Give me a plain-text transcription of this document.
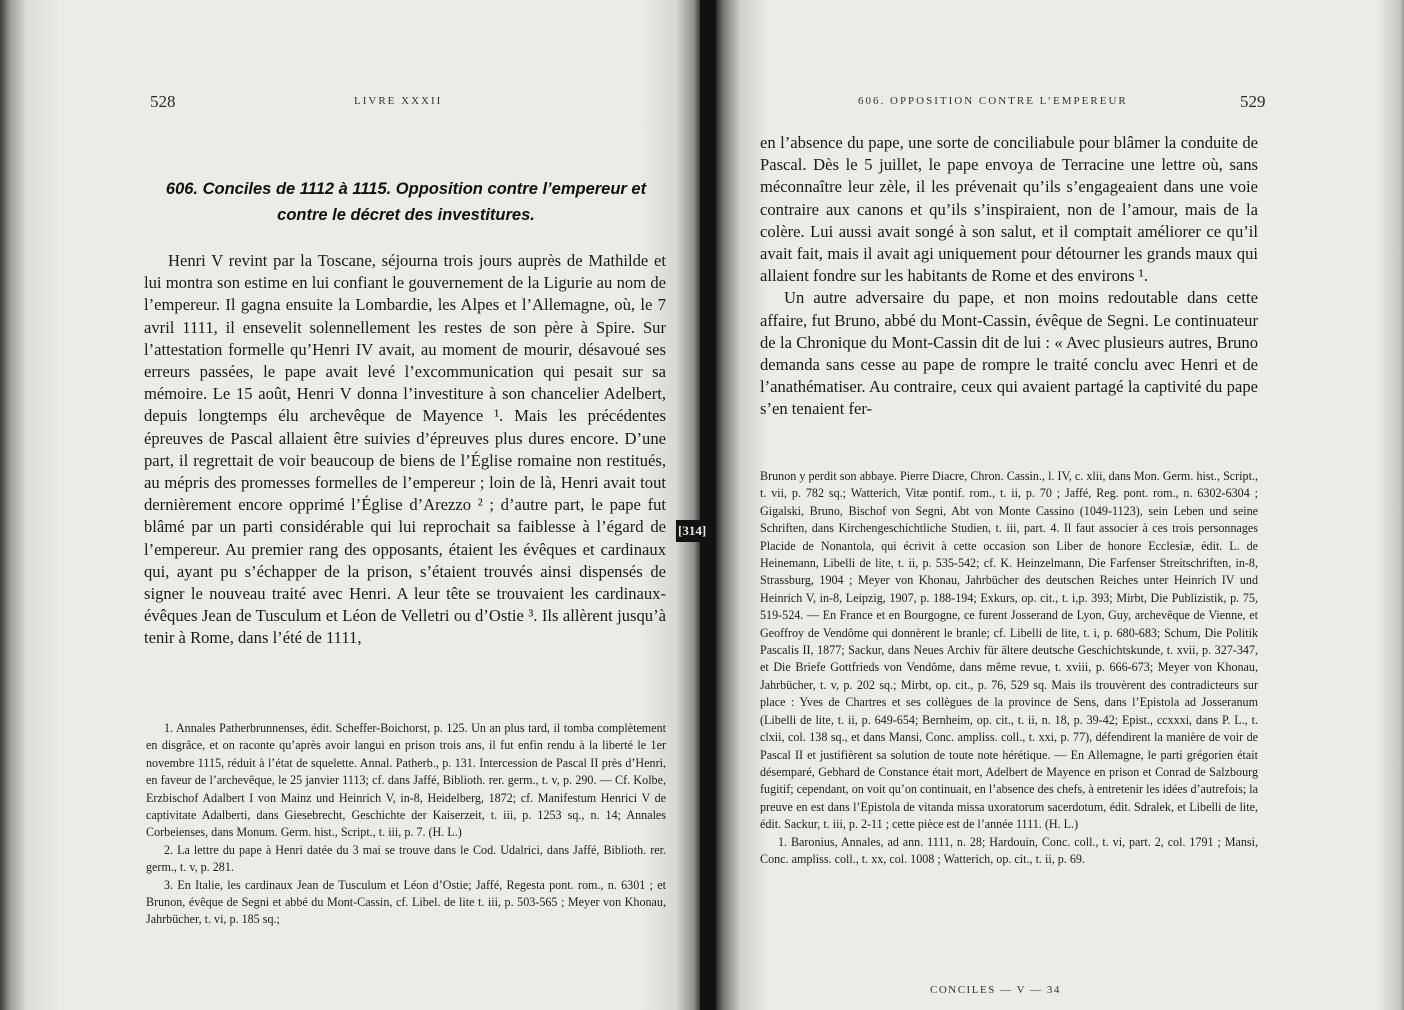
528	LIVRE XXXII
606. Conciles de 1112 à 1115. Opposition contre l’empereur et contre le décret des investitures.

Henri V revint par la Toscane, séjourna trois jours auprès de Mathilde et lui montra son estime en lui confiant le gouvernement de la Ligurie au nom de l’empereur. Il gagna ensuite la Lombardie, les Alpes et l’Allemagne, où, le 7 avril 1111, il ensevelit solennellement les restes de son père à Spire. Sur l’attestation formelle qu’Henri IV avait, au moment de mourir, désavoué ses erreurs passées, le pape avait levé l’excommunication qui pesait sur sa mémoire. Le 15 août, Henri V donna l’investiture à son chancelier Adelbert, depuis longtemps élu archevêque de Mayence ¹. Mais les précédentes épreuves de Pascal allaient être suivies d’épreuves plus dures encore. D’une part, il regrettait de voir beaucoup de biens de l’Église romaine non restitués, au mépris des promesses formelles de l’empereur ; loin de là, Henri avait tout dernièrement encore opprimé l’Église d’Arezzo ² ; d’autre part, le pape fut blâmé par un parti considérable qui lui reprochait sa faiblesse à l’égard de l’empereur. Au premier rang des opposants, étaient les évêques et cardinaux qui, ayant pu s’échapper de la prison, s’étaient trouvés ainsi dispensés de signer le nouveau traité avec Henri. A leur tête se trouvaient les cardinaux-évêques Jean de Tusculum et Léon de Velletri ou d’Ostie ³. Ils allèrent jusqu’à tenir à Rome, dans l’été de 1111,

1. Annales Patherbrunnenses, édit. Scheffer-Boichorst, p. 125. Un an plus tard, il tomba complètement en disgrâce, et on raconte qu’après avoir langui en prison trois ans, il fut enfin rendu à la liberté le 1er novembre 1115, réduit à l’état de squelette. Annal. Patherb., p. 131. Intercession de Pascal II près d’Henri, en faveur de l’archevêque, le 25 janvier 1113; cf. dans Jaffé, Biblioth. rer. germ., t. v, p. 290. — Cf. Kolbe, Erzbischof Adalbert I von Mainz und Heinrich V, in-8, Heidelberg, 1872; cf. Manifestum Henrici V de captivitate Adalberti, dans Giesebrecht, Geschichte der Kaiserzeit, t. iii, p. 1253 sq., n. 14; Annales Corbeienses, dans Monum. Germ. hist., Script., t. iii, p. 7. (H. L.)

2. La lettre du pape à Henri datée du 3 mai se trouve dans le Cod. Udalrici, dans Jaffé, Biblioth. rer. germ., t. v, p. 281.

3. En Italie, les cardinaux Jean de Tusculum et Léon d’Ostie; Jaffé, Regesta pont. rom., n. 6301 ; et Brunon, évêque de Segni et abbé du Mont-Cassin, cf. Libel. de lite t. iii, p. 503-565 ; Meyer von Khonau, Jahrbücher, t. vi, p. 185 sq.;

[314]
606. OPPOSITION CONTRE L’EMPEREUR	529

en l’absence du pape, une sorte de conciliabule pour blâmer la conduite de Pascal. Dès le 5 juillet, le pape envoya de Terracine une lettre où, sans méconnaître leur zèle, il les prévenait qu’ils s’engageaient dans une voie contraire aux canons et qu’ils s’inspiraient, non de l’amour, mais de la colère. Lui aussi avait songé à son salut, et il comptait améliorer ce qu’il avait fait, mais il avait agi uniquement pour détourner les grands maux qui allaient fondre sur les habitants de Rome et des environs ¹.

Un autre adversaire du pape, et non moins redoutable dans cette affaire, fut Bruno, abbé du Mont-Cassin, évêque de Segni. Le continuateur de la Chronique du Mont-Cassin dit de lui : « Avec plusieurs autres, Bruno demanda sans cesse au pape de rompre le traité conclu avec Henri et de l’anathématiser. Au contraire, ceux qui avaient partagé la captivité du pape s’en tenaient fer-

Brunon y perdit son abbaye. Pierre Diacre, Chron. Cassin., l. IV, c. xlii, dans Mon. Germ. hist., Script., t. vii, p. 782 sq.; Watterich, Vitæ pontif. rom., t. ii, p. 70 ; Jaffé, Reg. pont. rom., n. 6302-6304 ; Gigalski, Bruno, Bischof von Segni, Abt von Monte Cassino (1049-1123), sein Leben und seine Schriften, dans Kirchengeschichtliche Studien, t. iii, part. 4. Il faut associer à ces trois personnages Placide de Nonantola, qui écrivit à cette occasion son Liber de honore Ecclesiæ, édit. L. de Heinemann, Libelli de lite, t. ii, p. 535-542; cf. K. Heinzelmann, Die Farfenser Streitschriften, in-8, Strassburg, 1904 ; Meyer von Khonau, Jahrbücher des deutschen Reiches unter Heinrich IV und Heinrich V, in-8, Leipzig, 1907, p. 188-194; Exkurs, op. cit., t. i,p. 393; Mirbt, Die Publizistik, p. 75, 519-524. — En France et en Bourgogne, ce furent Josserand de Lyon, Guy, archevêque de Vienne, et Geoffroy de Vendôme qui donnèrent le branle; cf. Libelli de lite, t. i, p. 680-683; Schum, Die Politik Pascalis II, 1877; Sackur, dans Neues Archiv für ältere deutsche Geschichtskunde, t. xvii, p. 327-347, et Die Briefe Gottfrieds von Vendôme, dans même revue, t. xviii, p. 666-673; Meyer von Khonau, Jahrbücher, t. v, p. 202 sq.; Mirbt, op. cit., p. 76, 529 sq. Mais ils trouvèrent des contradicteurs sur place : Yves de Chartres et ses collègues de la province de Sens, dans l’Epistola ad Josseranum (Libelli de lite, t. ii, p. 649-654; Bernheim, op. cit., t. ii, n. 18, p. 39-42; Epist., ccxxxi, dans P. L., t. clxii, col. 138 sq., et dans Mansi, Conc. ampliss. coll., t. xxi, p. 77), défendirent la manière de voir de Pascal II et justifièrent sa solution de toute note hérétique. — En Allemagne, le parti grégorien était désemparé, Gebhard de Constance était mort, Adelbert de Mayence en prison et Conrad de Salzbourg fugitif; cependant, on voit qu’on continuait, en l’absence des chefs, à entretenir les idées d’autrefois; la preuve en est dans l’Epistola de vitanda missa uxoratorum sacerdotum, édit. Sdralek, et Libelli de lite, édit. Sackur, t. iii, p. 2-11 ; cette pièce est de l’année 1111. (H. L.)

1. Baronius, Annales, ad ann. 1111, n. 28; Hardouin, Conc. coll., t. vi, part. 2, col. 1791 ; Mansi, Conc. ampliss. coll., t. xx, col. 1008 ; Watterich, op. cit., t. ii, p. 69.

CONCILES — V — 34
